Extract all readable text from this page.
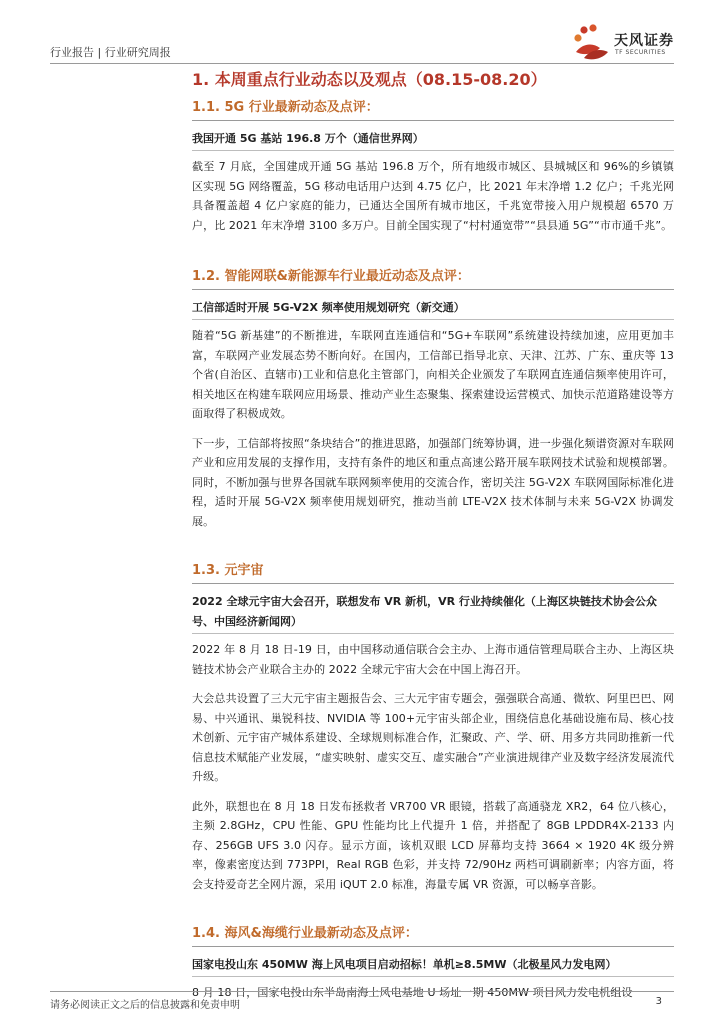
行业报告 | 行业研究周报
天风证券
TF SECURITIES
1. 本周重点行业动态以及观点（08.15-08.20）
1.1. 5G 行业最新动态及点评：

我国开通 5G 基站 196.8 万个（通信世界网）

截至 7 月底，全国建成开通 5G 基站 196.8 万个，所有地级市城区、县城城区和 96%的乡镇镇区实现 5G 网络覆盖，5G 移动电话用户达到 4.75 亿户，比 2021 年末净增 1.2 亿户；千兆光网具备覆盖超 4 亿户家庭的能力，已通达全国所有城市地区，千兆宽带接入用户规模超 6570 万户，比 2021 年末净增 3100 多万户。目前全国实现了“村村通宽带”“县县通 5G”“市市通千兆”。

1.2. 智能网联&新能源车行业最近动态及点评：

工信部适时开展 5G-V2X 频率使用规划研究（新交通）

随着“5G 新基建”的不断推进，车联网直连通信和“5G+车联网”系统建设持续加速，应用更加丰富，车联网产业发展态势不断向好。在国内，工信部已指导北京、天津、江苏、广东、重庆等 13 个省(自治区、直辖市)工业和信息化主管部门，向相关企业颁发了车联网直连通信频率使用许可，相关地区在构建车联网应用场景、推动产业生态聚集、探索建设运营模式、加快示范道路建设等方面取得了积极成效。

下一步，工信部将按照“条块结合”的推进思路，加强部门统筹协调，进一步强化频谱资源对车联网产业和应用发展的支撑作用，支持有条件的地区和重点高速公路开展车联网技术试验和规模部署。同时，不断加强与世界各国就车联网频率使用的交流合作，密切关注 5G-V2X 车联网国际标准化进程，适时开展 5G-V2X 频率使用规划研究，推动当前 LTE-V2X 技术体制与未来 5G-V2X 协调发展。

1.3. 元宇宙

2022 全球元宇宙大会召开，联想发布 VR 新机，VR 行业持续催化（上海区块链技术协会公众号、中国经济新闻网）

2022 年 8 月 18 日-19 日，由中国移动通信联合会主办、上海市通信管理局联合主办、上海区块链技术协会产业联合主办的 2022 全球元宇宙大会在中国上海召开。

大会总共设置了三大元宇宙主题报告会、三大元宇宙专题会，强强联合高通、微软、阿里巴巴、网易、中兴通讯、巢锐科技、NVIDIA 等 100+元宇宙头部企业，围绕信息化基础设施布局、核心技术创新、元宇宙产城体系建设、全球规则标准合作，汇聚政、产、学、研、用多方共同助推新一代信息技术赋能产业发展，“虚实映射、虚实交互、虚实融合”产业演进规律产业及数字经济发展流代升级。

此外，联想也在 8 月 18 日发布拯救者 VR700 VR 眼镜，搭载了高通骁龙 XR2，64 位八核心，主频 2.8GHz，CPU 性能、GPU 性能均比上代提升 1 倍，并搭配了 8GB LPDDR4X-2133 内存、256GB UFS 3.0 闪存。显示方面，该机双眼 LCD 屏幕均支持 3664 × 1920 4K 级分辨率，像素密度达到 773PPI，Real RGB 色彩，并支持 72/90Hz 两档可调刷新率；内容方面，将会支持爱奇艺全网片源，采用 iQUT 2.0 标准，海量专属 VR 资源，可以畅享音影。

1.4. 海风&海缆行业最新动态及点评：

国家电投山东 450MW 海上风电项目启动招标！单机≥8.5MW（北极星风力发电网）

8 月 18 日，国家电投山东半岛南海上风电基地 U 场址一期 450MW 项目风力发电机组设

请务必阅读正文之后的信息披露和免责申明	3
